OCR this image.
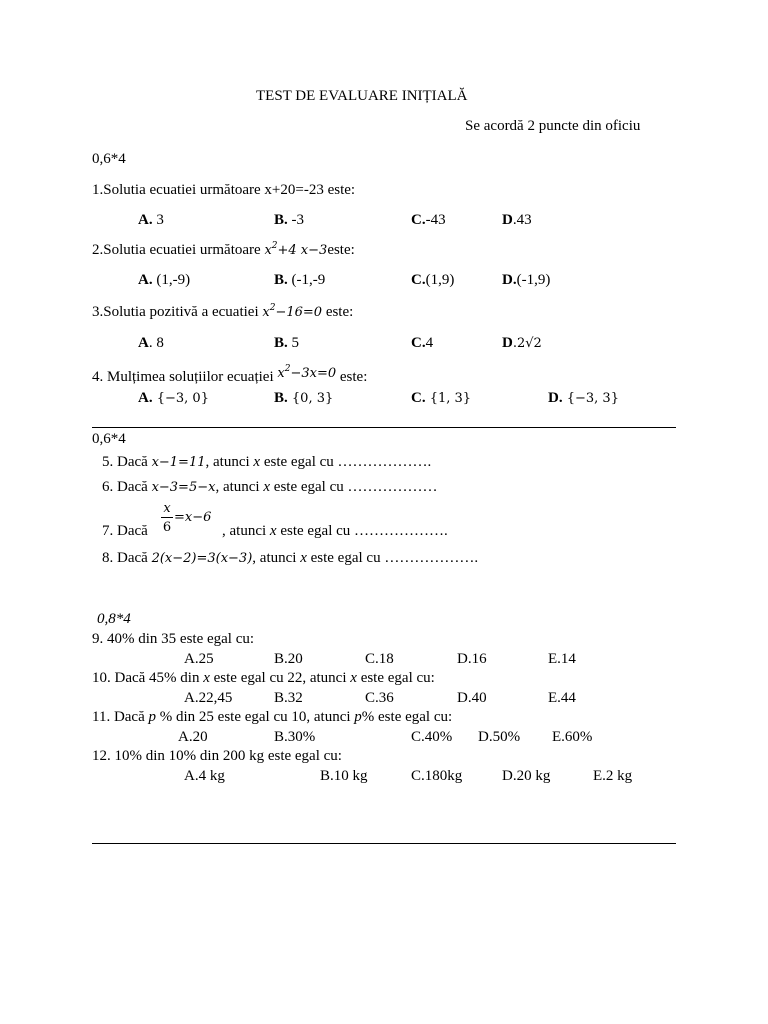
TEST DE EVALUARE INIȚIALĂ
Se acordă 2 puncte din oficiu
0,6*4
1.Solutia ecuatiei următoare x+20=-23 este:
A. 3	B. -3	C.-43	D.43
2.Solutia ecuatiei următoare $x^2+4$ x−3este:
A. (1,-9)	B. (-1,-9	C.(1,9)	D.(-1,9)
3.Solutia pozitivă a ecuatiei $x^2-16=0$ este:
A. 8	B. 5	C.4	D.2√2
4. Mulțimea soluțiilor ecuației $x^2-3x=0$ este:
A. {−3, 0}	B. {0, 3}	C. {1, 3}	D. {−3, 3}
0,6*4
5. Dacă x−1=11, atunci x este egal cu ……………….
6. Dacă x−3=5−x, atunci x este egal cu ………………
7. Dacă
x
6
=x−6
, atunci x este egal cu ……………….
8. Dacă 2(x−2)=3(x−3), atunci x este egal cu ……………….
0,8*4
9. 40% din 35 este egal cu:
A.25	B.20	C.18	D.16	E.14
10. Dacă 45% din x este egal cu 22, atunci x este egal cu:
A.22,45	B.32	C.36	D.40	E.44
11. Dacă p % din 25 este egal cu 10, atunci p% este egal cu:
A.20	B.30%	C.40% D.50% E.60%
12. 10% din 10% din 200 kg este egal cu:
A.4 kg	B.10 kg	C.180kg	D.20 kg	E.2 kg
